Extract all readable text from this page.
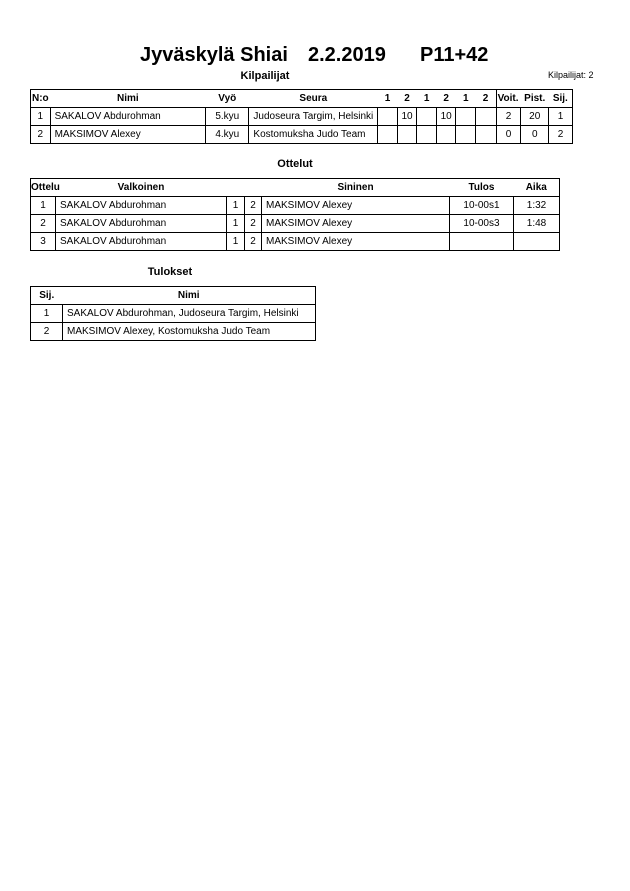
Jyväskylä Shiai 2.2.2019 P11+42
Kilpailijat	Kilpailijat: 2
N:o	Nimi	Vyö	Seura	1	2	1	2	1	2	Voit.	Pist.	Sij.
1	SAKALOV Abdurohman	5.kyu	Judoseura Targim, Helsinki		10		10			2	20	1
2	MAKSIMOV Alexey	4.kyu	Kostomuksha Judo Team							0	0	2
Ottelut
Ottelu	Valkoinen			Sininen	Tulos	Aika
1	SAKALOV Abdurohman	1	2	MAKSIMOV Alexey	10-00s1	1:32
2	SAKALOV Abdurohman	1	2	MAKSIMOV Alexey	10-00s3	1:48
3	SAKALOV Abdurohman	1	2	MAKSIMOV Alexey		
Tulokset
Sij.	Nimi
1	SAKALOV Abdurohman, Judoseura Targim, Helsinki
2	MAKSIMOV Alexey, Kostomuksha Judo Team
